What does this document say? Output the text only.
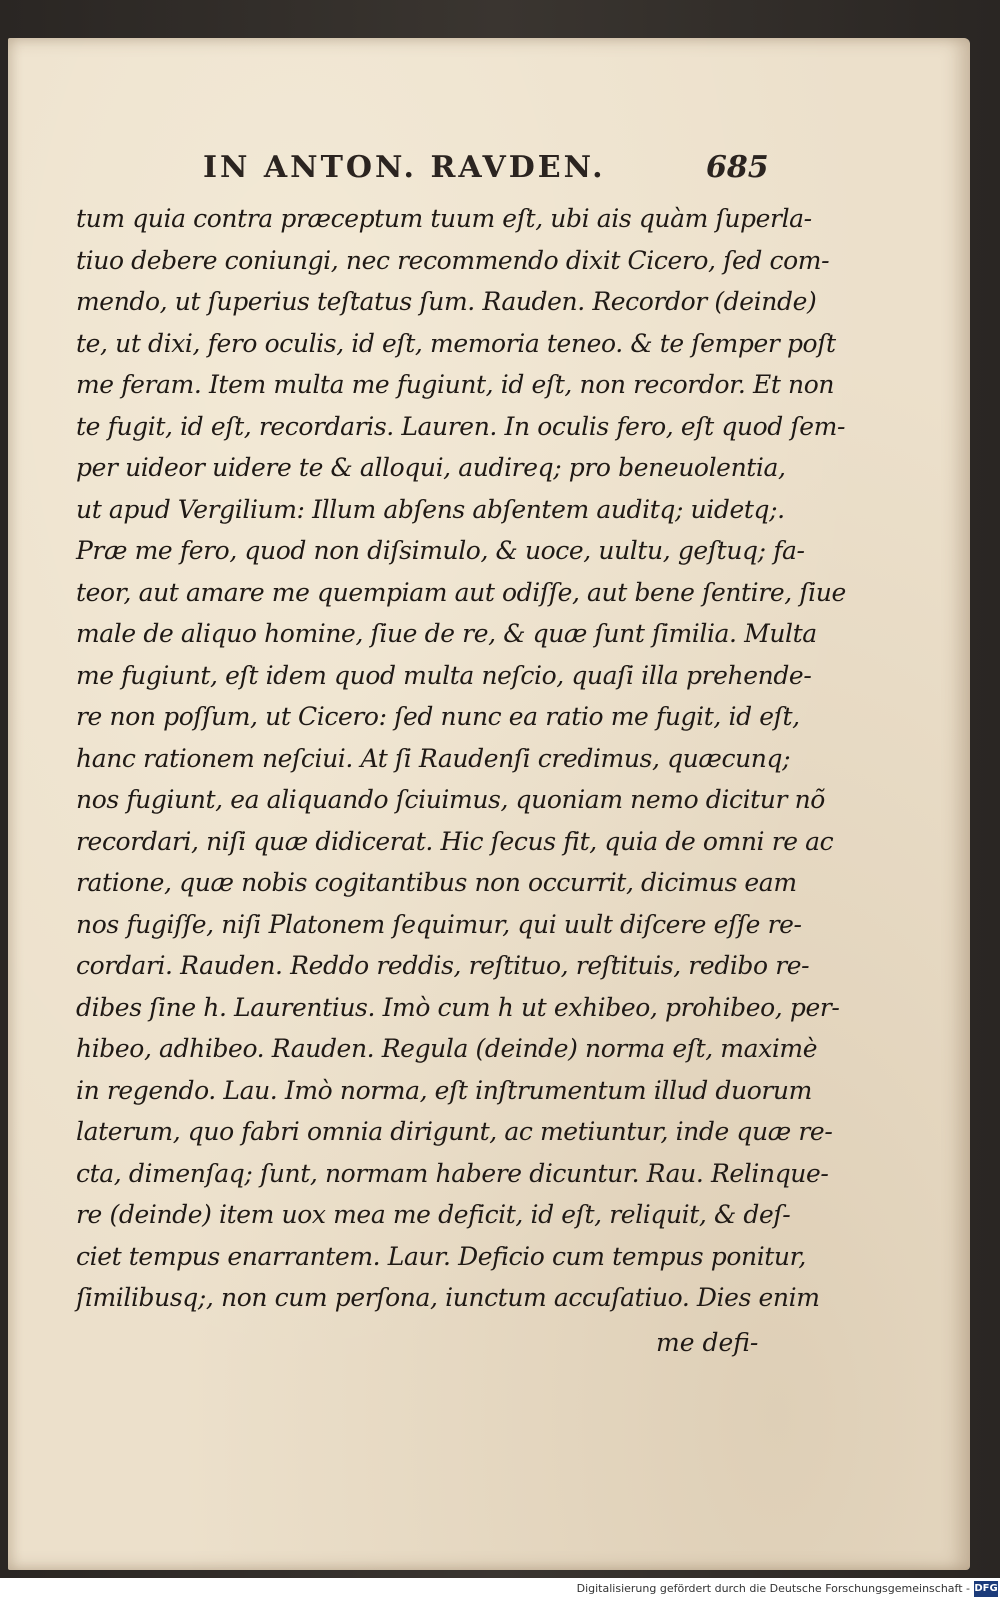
IN ANTON. RAVDEN.	685
tum quia contra præceptum tuum eſt, ubi ais quàm ſuperla-
tiuo debere coniungi, nec recommendo dixit Cicero, ſed com-
mendo, ut ſuperius teſtatus ſum. Rauden. Recordor (deinde)
te, ut dixi, fero oculis, id eſt, memoria teneo. & te ſemper poſt
me feram. Item multa me fugiunt, id eſt, non recordor. Et non
te fugit, id eſt, recordaris. Lauren. In oculis fero, eſt quod ſem-
per uideor uidere te & alloqui, audireq; pro beneuolentia,
ut apud Vergilium: Illum abſens abſentem auditq; uidetq;.
Præ me fero, quod non diſsimulo, & uoce, uultu, geſtuq; fa-
teor, aut amare me quempiam aut odiſſe, aut bene ſentire, ſiue
male de aliquo homine, ſiue de re, & quæ ſunt ſimilia. Multa
me fugiunt, eſt idem quod multa neſcio, quaſi illa prehende-
re non poſſum, ut Cicero: ſed nunc ea ratio me fugit, id eſt,
hanc rationem neſciui. At ſi Raudenſi credimus, quæcunq;
nos fugiunt, ea aliquando ſciuimus, quoniam nemo dicitur nõ
recordari, niſi quæ didicerat. Hic ſecus fit, quia de omni re ac
ratione, quæ nobis cogitantibus non occurrit, dicimus eam
nos fugiſſe, niſi Platonem ſequimur, qui uult diſcere eſſe re-
cordari. Rauden. Reddo reddis, reſtituo, reſtituis, redibo re-
dibes ſine h. Laurentius. Imò cum h ut exhibeo, prohibeo, per-
hibeo, adhibeo. Rauden. Regula (deinde) norma eſt, maximè
in regendo. Lau. Imò norma, eſt inſtrumentum illud duorum
laterum, quo fabri omnia dirigunt, ac metiuntur, inde quæ re-
cta, dimenſaq; ſunt, normam habere dicuntur. Rau. Relinque-
re (deinde) item uox mea me deficit, id eſt, reliquit, & deſ-
ciet tempus enarrantem. Laur. Deficio cum tempus ponitur,
ſimilibusq;, non cum perſona, iunctum accuſatiuo. Dies enim
me defi-
Digitalisierung gefördert durch die Deutsche Forschungsgemeinschaft - DFG
